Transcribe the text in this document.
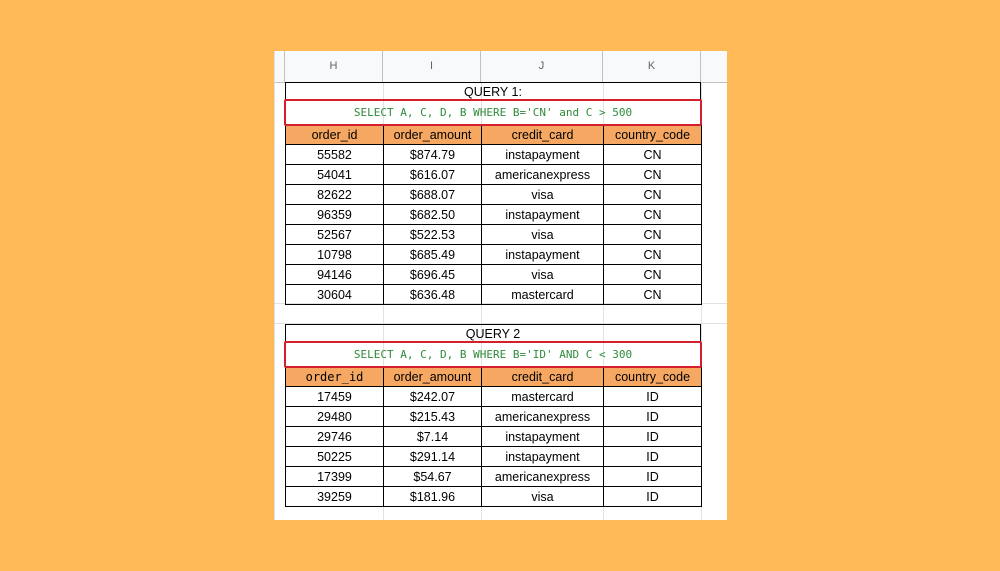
H	I	J	K
QUERY 1:
SELECT A, C, D, B WHERE B='CN' and C > 500
order_id	order_amount	credit_card	country_code
55582	$874.79	instapayment	CN
54041	$616.07	americanexpress	CN
82622	$688.07	visa	CN
96359	$682.50	instapayment	CN
52567	$522.53	visa	CN
10798	$685.49	instapayment	CN
94146	$696.45	visa	CN
30604	$636.48	mastercard	CN
QUERY 2
SELECT A, C, D, B WHERE B='ID' AND C < 300
order_id	order_amount	credit_card	country_code
17459	$242.07	mastercard	ID
29480	$215.43	americanexpress	ID
29746	$7.14	instapayment	ID
50225	$291.14	instapayment	ID
17399	$54.67	americanexpress	ID
39259	$181.96	visa	ID
